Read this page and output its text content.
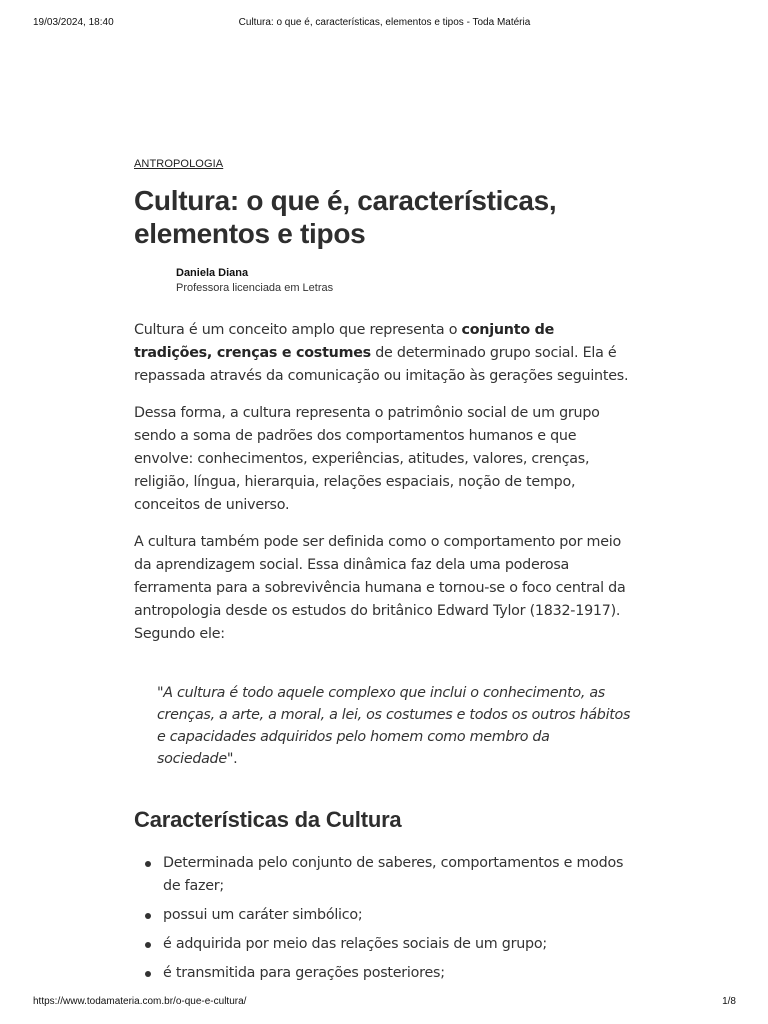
19/03/2024, 18:40	Cultura: o que é, características, elementos e tipos - Toda Matéria
ANTROPOLOGIA
Cultura: o que é, características, elementos e tipos
Daniela Diana
Professora licenciada em Letras

Cultura é um conceito amplo que representa o conjunto de tradições, crenças e costumes de determinado grupo social. Ela é repassada através da comunicação ou imitação às gerações seguintes.

Dessa forma, a cultura representa o patrimônio social de um grupo sendo a soma de padrões dos comportamentos humanos e que envolve: conhecimentos, experiências, atitudes, valores, crenças, religião, língua, hierarquia, relações espaciais, noção de tempo, conceitos de universo.

A cultura também pode ser definida como o comportamento por meio da aprendizagem social. Essa dinâmica faz dela uma poderosa ferramenta para a sobrevivência humana e tornou-se o foco central da antropologia desde os estudos do britânico Edward Tylor (1832-1917). Segundo ele:

"A cultura é todo aquele complexo que inclui o conhecimento, as crenças, a arte, a moral, a lei, os costumes e todos os outros hábitos e capacidades adquiridos pelo homem como membro da sociedade".

Características da Cultura
Determinada pelo conjunto de saberes, comportamentos e modos de fazer;
possui um caráter simbólico;
é adquirida por meio das relações sociais de um grupo;
é transmitida para gerações posteriores;
https://www.todamateria.com.br/o-que-e-cultura/	1/8
